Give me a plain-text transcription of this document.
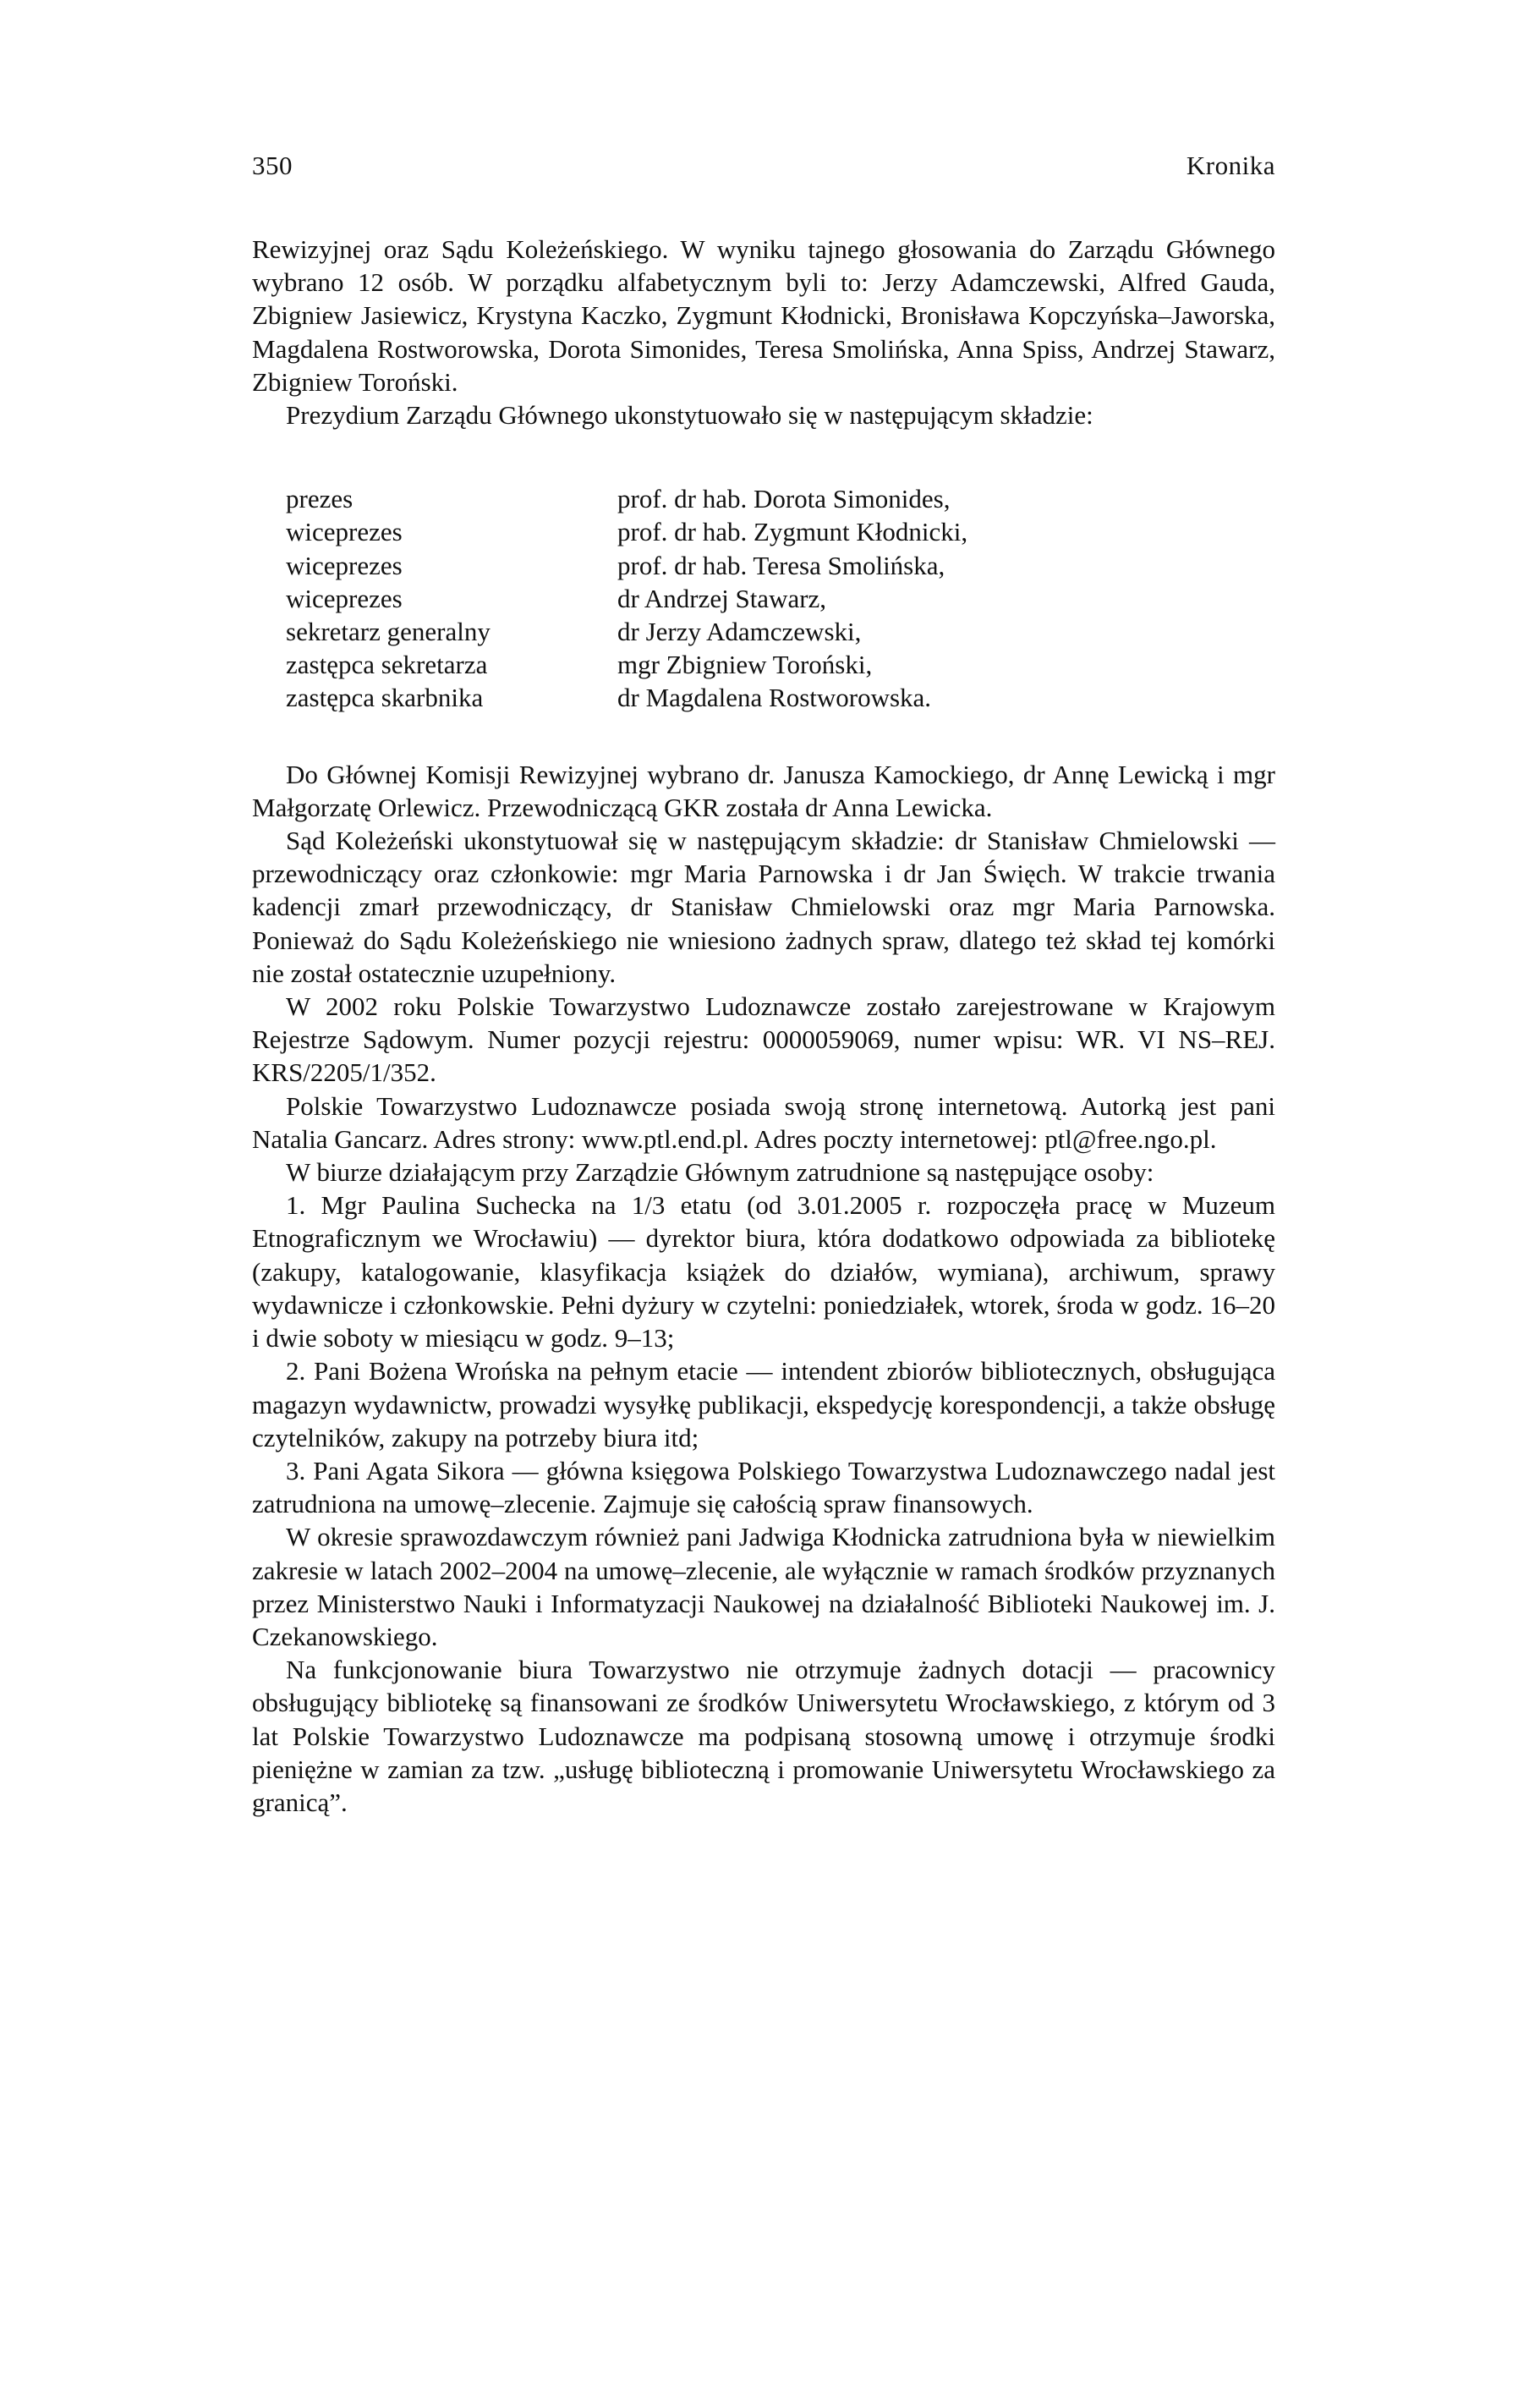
350	Kronika

Rewizyjnej oraz Sądu Koleżeńskiego. W wyniku tajnego głosowania do Zarządu Głównego wybrano 12 osób. W porządku alfabetycznym byli to: Jerzy Adamczewski, Alfred Gauda, Zbigniew Jasiewicz, Krystyna Kaczko, Zygmunt Kłodnicki, Bronisława Kopczyńska–Jaworska, Magdalena Rostworowska, Dorota Simonides, Teresa Smolińska, Anna Spiss, Andrzej Stawarz, Zbigniew Toroński.

Prezydium Zarządu Głównego ukonstytuowało się w następującym składzie:

prezes	prof. dr hab. Dorota Simonides,
wiceprezes	prof. dr hab. Zygmunt Kłodnicki,
wiceprezes	prof. dr hab. Teresa Smolińska,
wiceprezes	dr Andrzej Stawarz,
sekretarz generalny	dr Jerzy Adamczewski,
zastępca sekretarza	mgr Zbigniew Toroński,
zastępca skarbnika	dr Magdalena Rostworowska.

Do Głównej Komisji Rewizyjnej wybrano dr. Janusza Kamockiego, dr Annę Lewicką i mgr Małgorzatę Orlewicz. Przewodniczącą GKR została dr Anna Lewicka.

Sąd Koleżeński ukonstytuował się w następującym składzie: dr Stanisław Chmielowski — przewodniczący oraz członkowie: mgr Maria Parnowska i dr Jan Święch. W trakcie trwania kadencji zmarł przewodniczący, dr Stanisław Chmielowski oraz mgr Maria Parnowska. Ponieważ do Sądu Koleżeńskiego nie wniesiono żadnych spraw, dlatego też skład tej komórki nie został ostatecznie uzupełniony.

W 2002 roku Polskie Towarzystwo Ludoznawcze zostało zarejestrowane w Krajowym Rejestrze Sądowym. Numer pozycji rejestru: 0000059069, numer wpisu: WR. VI NS–REJ. KRS/2205/1/352.

Polskie Towarzystwo Ludoznawcze posiada swoją stronę internetową. Autorką jest pani Natalia Gancarz. Adres strony: www.ptl.end.pl. Adres poczty internetowej: ptl@free.ngo.pl.

W biurze działającym przy Zarządzie Głównym zatrudnione są następujące osoby:

1. Mgr Paulina Suchecka na 1/3 etatu (od 3.01.2005 r. rozpoczęła pracę w Muzeum Etnograficznym we Wrocławiu) — dyrektor biura, która dodatkowo odpowiada za bibliotekę (zakupy, katalogowanie, klasyfikacja książek do działów, wymiana), archiwum, sprawy wydawnicze i członkowskie. Pełni dyżury w czytelni: poniedziałek, wtorek, środa w godz. 16–20 i dwie soboty w miesiącu w godz. 9–13;

2. Pani Bożena Wrońska na pełnym etacie — intendent zbiorów bibliotecznych, obsługująca magazyn wydawnictw, prowadzi wysyłkę publikacji, ekspedycję korespondencji, a także obsługę czytelników, zakupy na potrzeby biura itd;

3. Pani Agata Sikora — główna księgowa Polskiego Towarzystwa Ludoznawczego nadal jest zatrudniona na umowę–zlecenie. Zajmuje się całością spraw finansowych.

W okresie sprawozdawczym również pani Jadwiga Kłodnicka zatrudniona była w niewielkim zakresie w latach 2002–2004 na umowę–zlecenie, ale wyłącznie w ramach środków przyznanych przez Ministerstwo Nauki i Informatyzacji Naukowej na działalność Biblioteki Naukowej im. J. Czekanowskiego.

Na funkcjonowanie biura Towarzystwo nie otrzymuje żadnych dotacji — pracownicy obsługujący bibliotekę są finansowani ze środków Uniwersytetu Wrocławskiego, z którym od 3 lat Polskie Towarzystwo Ludoznawcze ma podpisaną stosowną umowę i otrzymuje środki pieniężne w zamian za tzw. „usługę biblioteczną i promowanie Uniwersytetu Wrocławskiego za granicą”.
